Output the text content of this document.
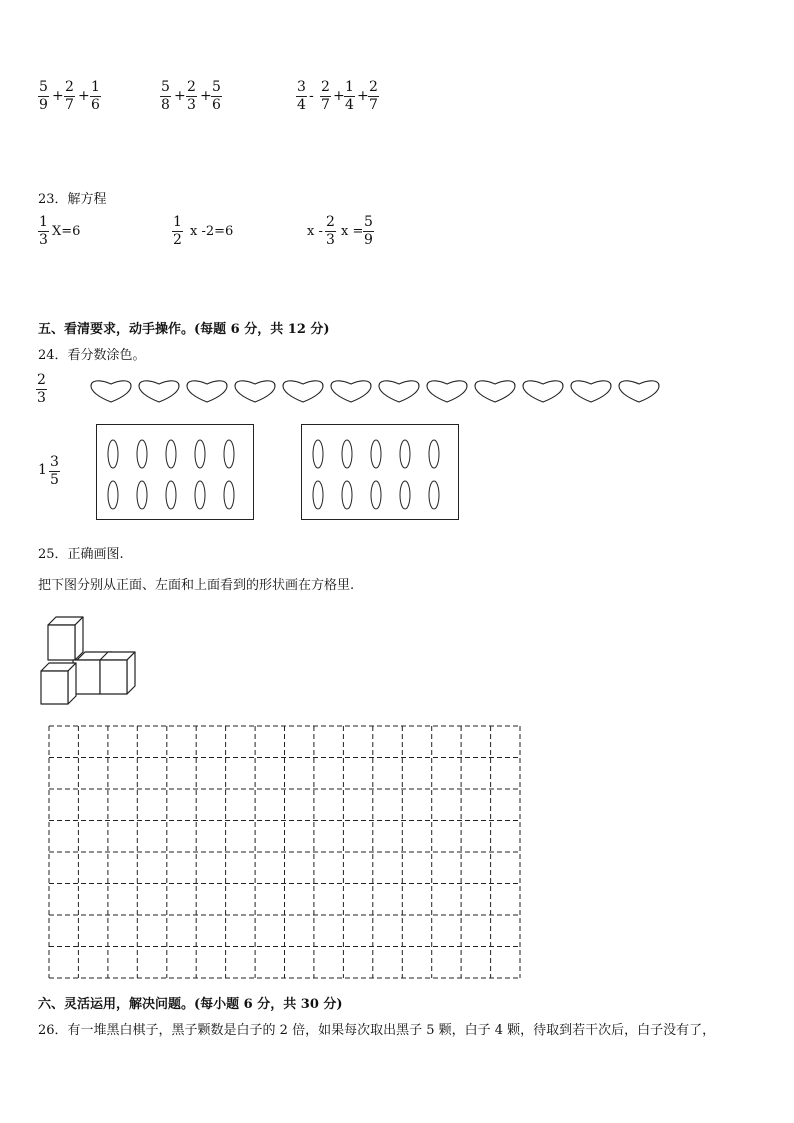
$\frac{5}{9} + \frac{2}{7} + \frac{1}{6}$	$\frac{5}{8} + \frac{2}{3} + \frac{5}{6}$	$\frac{3}{4} - \frac{2}{7} + \frac{1}{4} + \frac{2}{7}$
23．解方程
$\frac{1}{3} X=6$	$\frac{1}{2}$ x -2=6	x - $\frac{2}{3}$ $x = \frac{5}{9}$
五、看清要求，动手操作。(每题 6 分，共 12 分)
24．看分数涂色。
$\frac{2}{3}$
$1 \frac{3}{5}$
25．正确画图.
把下图分别从正面、左面和上面看到的形状画在方格里.
六、灵活运用，解决问题。(每小题 6 分，共 30 分)
26．有一堆黑白棋子，黑子颗数是白子的 2 倍，如果每次取出黑子 5 颗，白子 4 颗，待取到若干次后，白子没有了，
